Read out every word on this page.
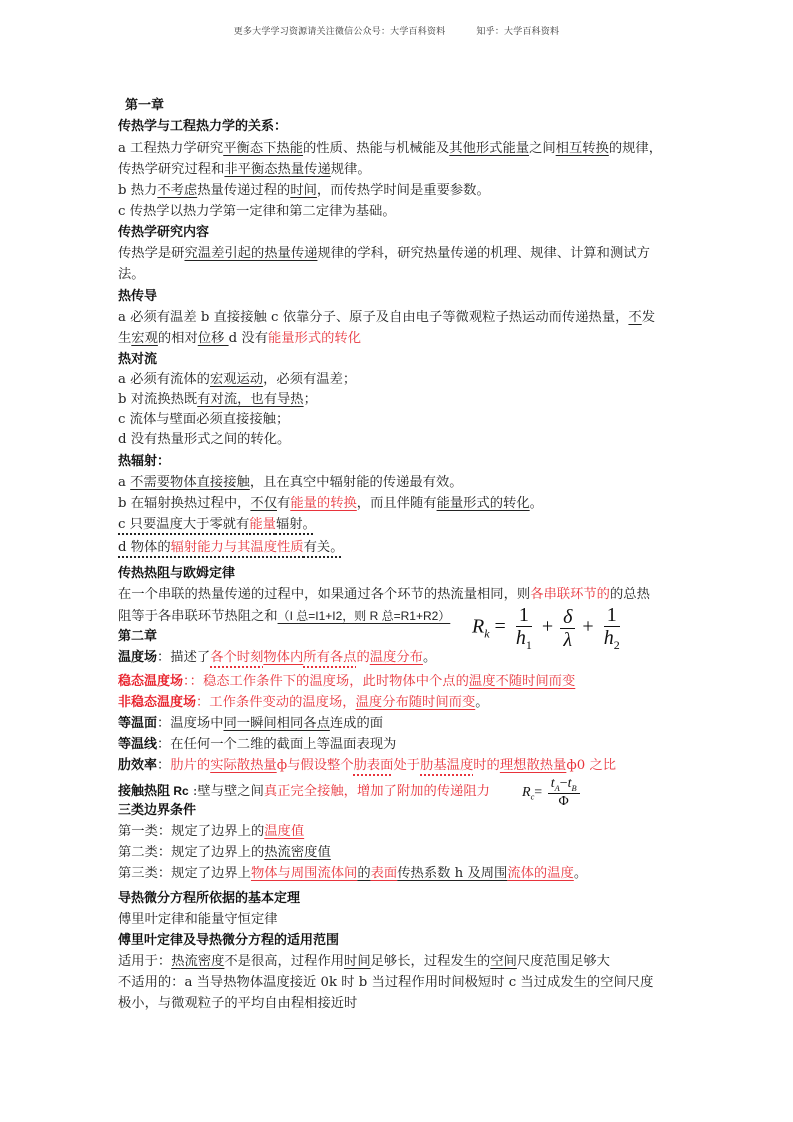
更多大学学习资源请关注微信公众号：大学百科资料	知乎：大学百科资料
第一章
传热学与工程热力学的关系：
a 工程热力学研究平衡态下热能的性质、热能与机械能及其他形式能量之间相互转换的规律，
传热学研究过程和非平衡态热量传递规律。
b 热力不考虑热量传递过程的时间，而传热学时间是重要参数。
c 传热学以热力学第一定律和第二定律为基础。
传热学研究内容
传热学是研究温差引起的热量传递规律的学科，研究热量传递的机理、规律、计算和测试方
法。
热传导
a 必须有温差 b 直接接触 c 依靠分子、原子及自由电子等微观粒子热运动而传递热量，不发
生宏观的相对位移 d 没有能量形式的转化
热对流
a 必须有流体的宏观运动，必须有温差；
b 对流换热既有对流，也有导热；
c 流体与壁面必须直接接触；
d 没有热量形式之间的转化。
热辐射：
a 不需要物体直接接触，且在真空中辐射能的传递最有效。
b 在辐射换热过程中，不仅有能量的转换，而且伴随有能量形式的转化。
c 只要温度大于零就有能量辐射。
d 物体的辐射能力与其温度性质有关。
传热热阻与欧姆定律
在一个串联的热量传递的过程中，如果通过各个环节的热流量相同，则各串联环节的的总热
阻等于各串联环节热阻之和（I 总=I1+I2，则 R 总=R1+R2） $R_k = \frac{1}{h_1} + \frac{\delta}{\lambda} + \frac{1}{h_2}$
第二章
温度场：描述了各个时刻物体内所有各点的温度分布。
稳态温度场：：稳态工作条件下的温度场，此时物体中个点的温度不随时间而变
非稳态温度场：工作条件变动的温度场，温度分布随时间而变。
等温面：温度场中同一瞬间相同各点连成的面
等温线：在任何一个二维的截面上等温面表现为
肋效率：肋片的实际散热量ф与假设整个肋表面处于肋基温度时的理想散热量ф0 之比
接触热阻 Rc :壁与壁之间真正完全接触，增加了附加的传递阻力 $R_c= \frac{t_A-t_B}{\Phi}$
三类边界条件
第一类：规定了边界上的温度值
第二类：规定了边界上的热流密度值
第三类：规定了边界上物体与周围流体间的表面传热系数 h 及周围流体的温度。
导热微分方程所依据的基本定理
傅里叶定律和能量守恒定律
傅里叶定律及导热微分方程的适用范围
适用于：热流密度不是很高，过程作用时间足够长，过程发生的空间尺度范围足够大
不适用的：a 当导热物体温度接近 0k 时 b 当过程作用时间极短时 c 当过成发生的空间尺度
极小，与微观粒子的平均自由程相接近时
